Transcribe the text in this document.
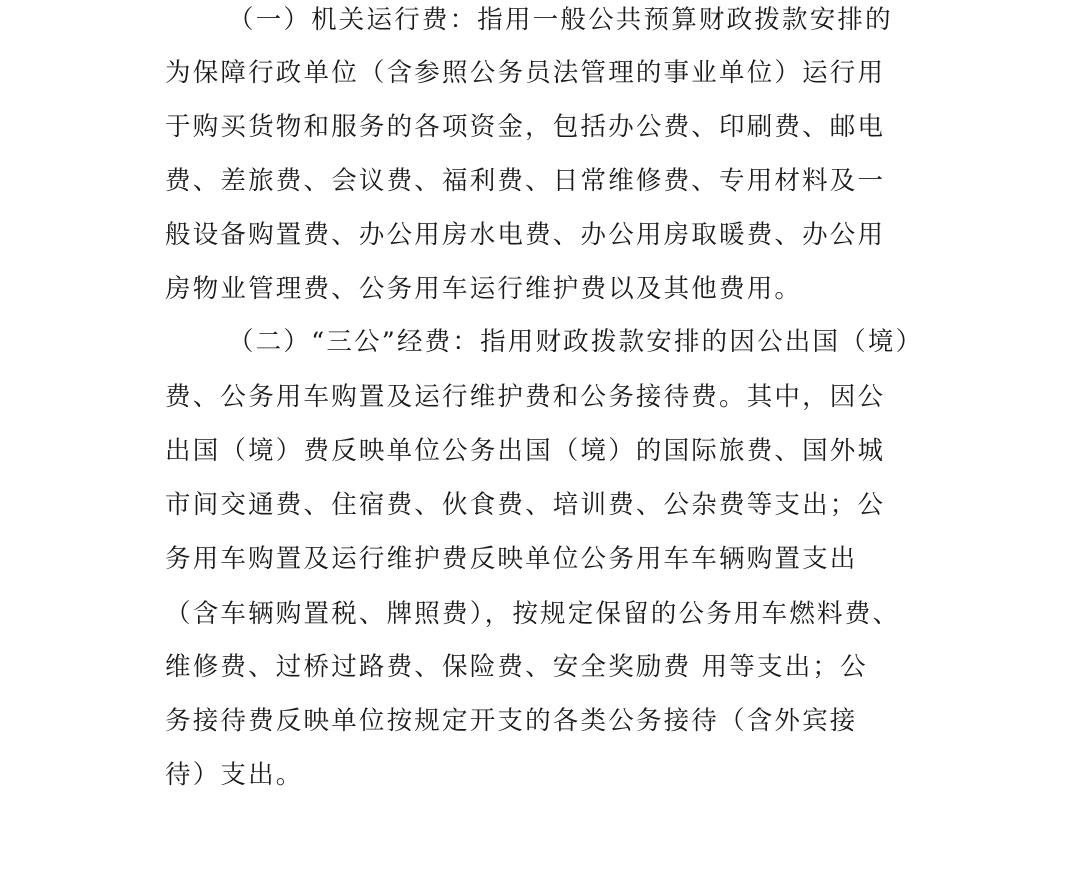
（一）机关运行费：指用一般公共预算财政拨款安排的
为保障行政单位（含参照公务员法管理的事业单位）运行用
于购买货物和服务的各项资金，包括办公费、印刷费、邮电
费、差旅费、会议费、福利费、日常维修费、专用材料及一
般设备购置费、办公用房水电费、办公用房取暖费、办公用
房物业管理费、公务用车运行维护费以及其他费用。
（二）“三公”经费：指用财政拨款安排的因公出国（境）
费、公务用车购置及运行维护费和公务接待费。其中，因公
出国（境）费反映单位公务出国（境）的国际旅费、国外城
市间交通费、住宿费、伙食费、培训费、公杂费等支出；公
务用车购置及运行维护费反映单位公务用车车辆购置支出
（含车辆购置税、牌照费），按规定保留的公务用车燃料费、
维修费、过桥过路费、保险费、安全奖励费 用等支出；公
务接待费反映单位按规定开支的各类公务接待（含外宾接
待）支出。
